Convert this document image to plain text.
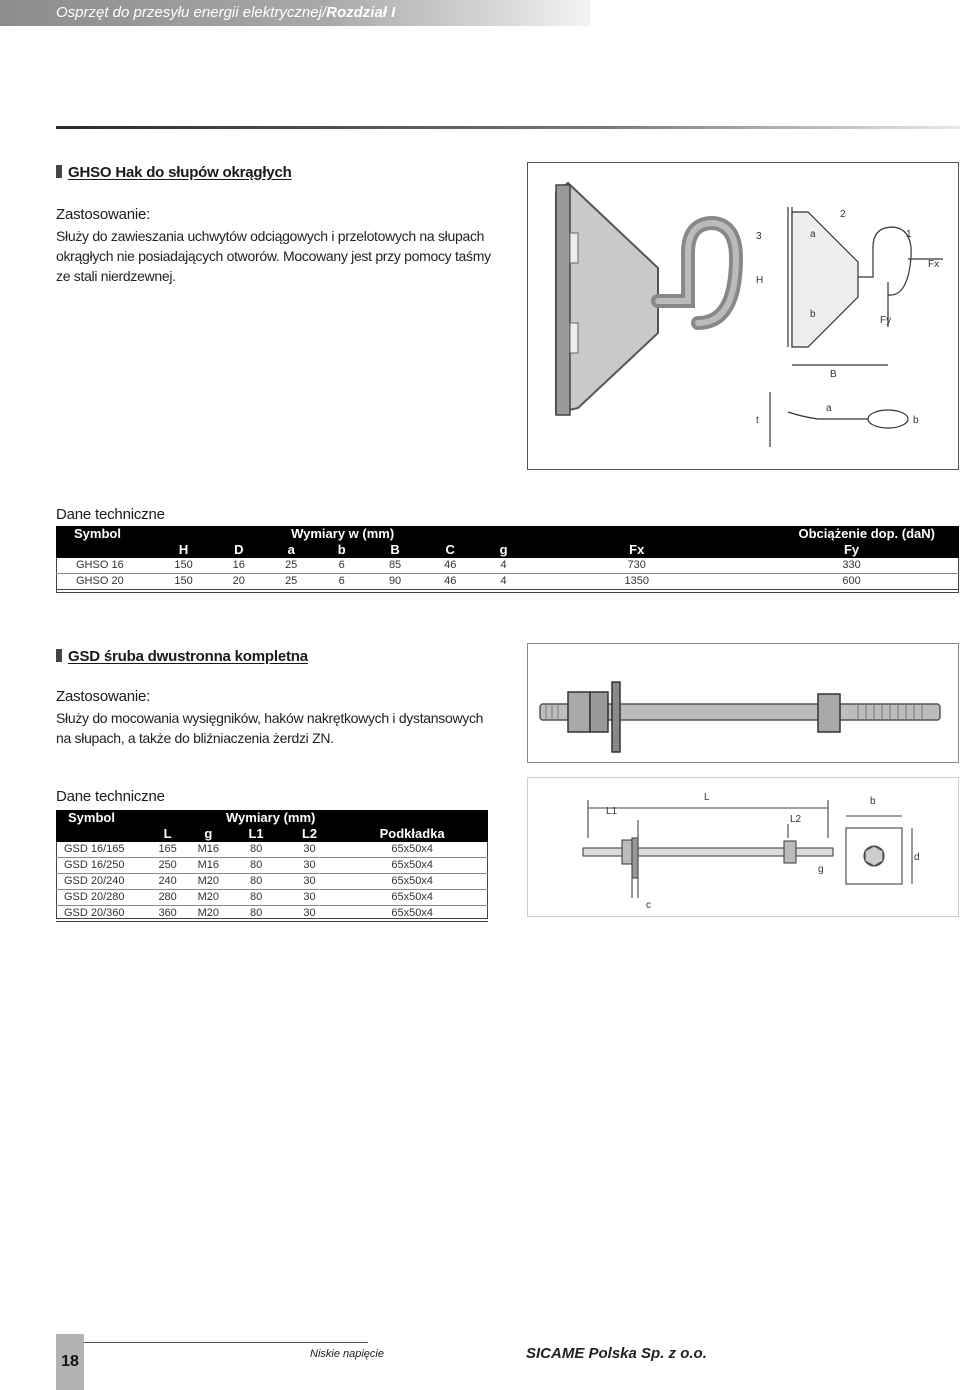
Osprzęt do przesyłu energii elektrycznej/Rozdział I
GHSO Hak do słupów okrągłych
Zastosowanie:
Służy do zawieszania uchwytów odciągowych i przelotowych na słupach
okrągłych nie posiadających otworów. Mocowany jest przy pomocy taśmy
ze stali nierdzewnej.
3
2
1
H
a
b
Fx
Fy
B
t
a
b
Dane techniczne
Symbol	Wymiary w (mm)							Obciążenie dop. (daN)	
	H	D	a	b	B	C	g	Fx	Fy
GHSO 16	150	16	25	6	85	46	4	730	330
GHSO 20	150	20	25	6	90	46	4	1350	600
GSD śruba dwustronna kompletna
Zastosowanie:
Służy do mocowania wysięgników, haków nakrętkowych i dystansowych
na słupach, a także do bliźniaczenia żerdzi ZN.
Dane techniczne
Symbol	Wymiary (mm)				
	L	g	L1	L2	Podkładka
GSD 16/165	165	M16	80	30	65x50x4
GSD 16/250	250	M16	80	30	65x50x4
GSD 20/240	240	M20	80	30	65x50x4
GSD 20/280	280	M20	80	30	65x50x4
GSD 20/360	360	M20	80	30	65x50x4
L1
L
L2
b
d
g
c
18	Niskie napięcie	SICAME Polska Sp. z o.o.
